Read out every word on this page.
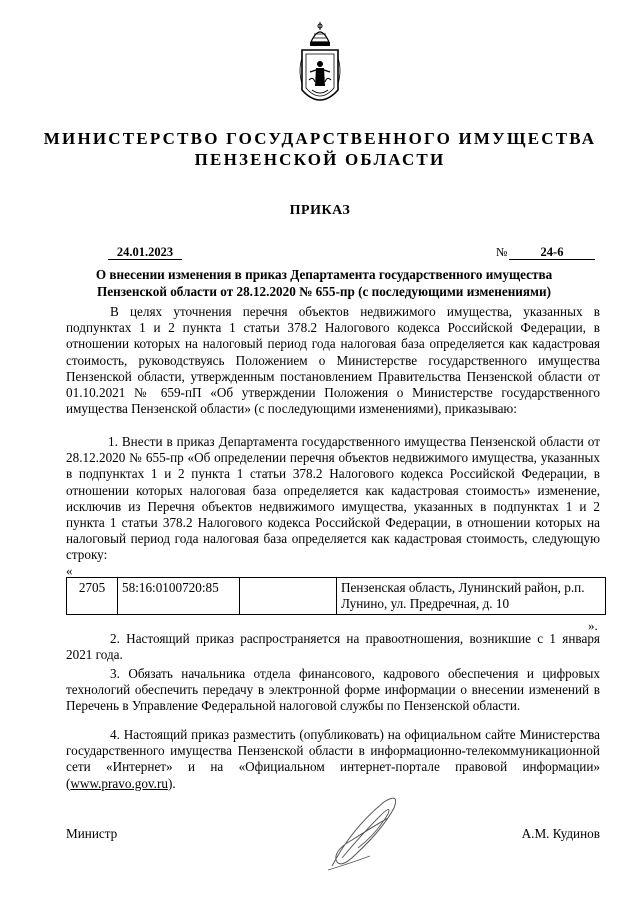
МИНИСТЕРСТВО ГОСУДАРСТВЕННОГО ИМУЩЕСТВА
ПЕНЗЕНСКОЙ ОБЛАСТИ
ПРИКАЗ
24.01.2023	№	24-6
О внесении изменения в приказ Департамента государственного имущества Пензенской области от 28.12.2020 № 655-пр (с последующими изменениями)

В целях уточнения перечня объектов недвижимого имущества, указанных в подпунктах 1 и 2 пункта 1 статьи 378.2 Налогового кодекса Российской Федерации, в отношении которых на налоговый период года налоговая база определяется как кадастровая стоимость, руководствуясь Положением о Министерстве государственного имущества Пензенской области, утвержденным постановлением Правительства Пензенской области от 01.10.2021 № 659-пП «Об утверждении Положения о Министерстве государственного имущества Пензенской области» (с последующими изменениями), приказываю:

1. Внести в приказ Департамента государственного имущества Пензенской области от 28.12.2020 № 655-пр «Об определении перечня объектов недвижимого имущества, указанных в подпунктах 1 и 2 пункта 1 статьи 378.2 Налогового кодекса Российской Федерации, в отношении которых налоговая база определяется как кадастровая стоимость» изменение, исключив из Перечня объектов недвижимого имущества, указанных в подпунктах 1 и 2 пункта 1 статьи 378.2 Налогового кодекса Российской Федерации, в отношении которых на налоговый период года налоговая база определяется как кадастровая стоимость, следующую строку:

«
2705	58:16:0100720:85		Пензенская область, Лунинский район, р.п. Лунино, ул. Предречная, д. 10
».

2. Настоящий приказ распространяется на правоотношения, возникшие с 1 января 2021 года.

3. Обязать начальника отдела финансового, кадрового обеспечения и цифровых технологий обеспечить передачу в электронной форме информации о внесении изменений в Перечень в Управление Федеральной налоговой службы по Пензенской области.

4. Настоящий приказ разместить (опубликовать) на официальном сайте Министерства государственного имущества Пензенской области в информационно-телекоммуникационной сети «Интернет» и на «Официальном интернет-портале правовой информации» (www.pravo.gov.ru).

Министр	А.М. Кудинов
